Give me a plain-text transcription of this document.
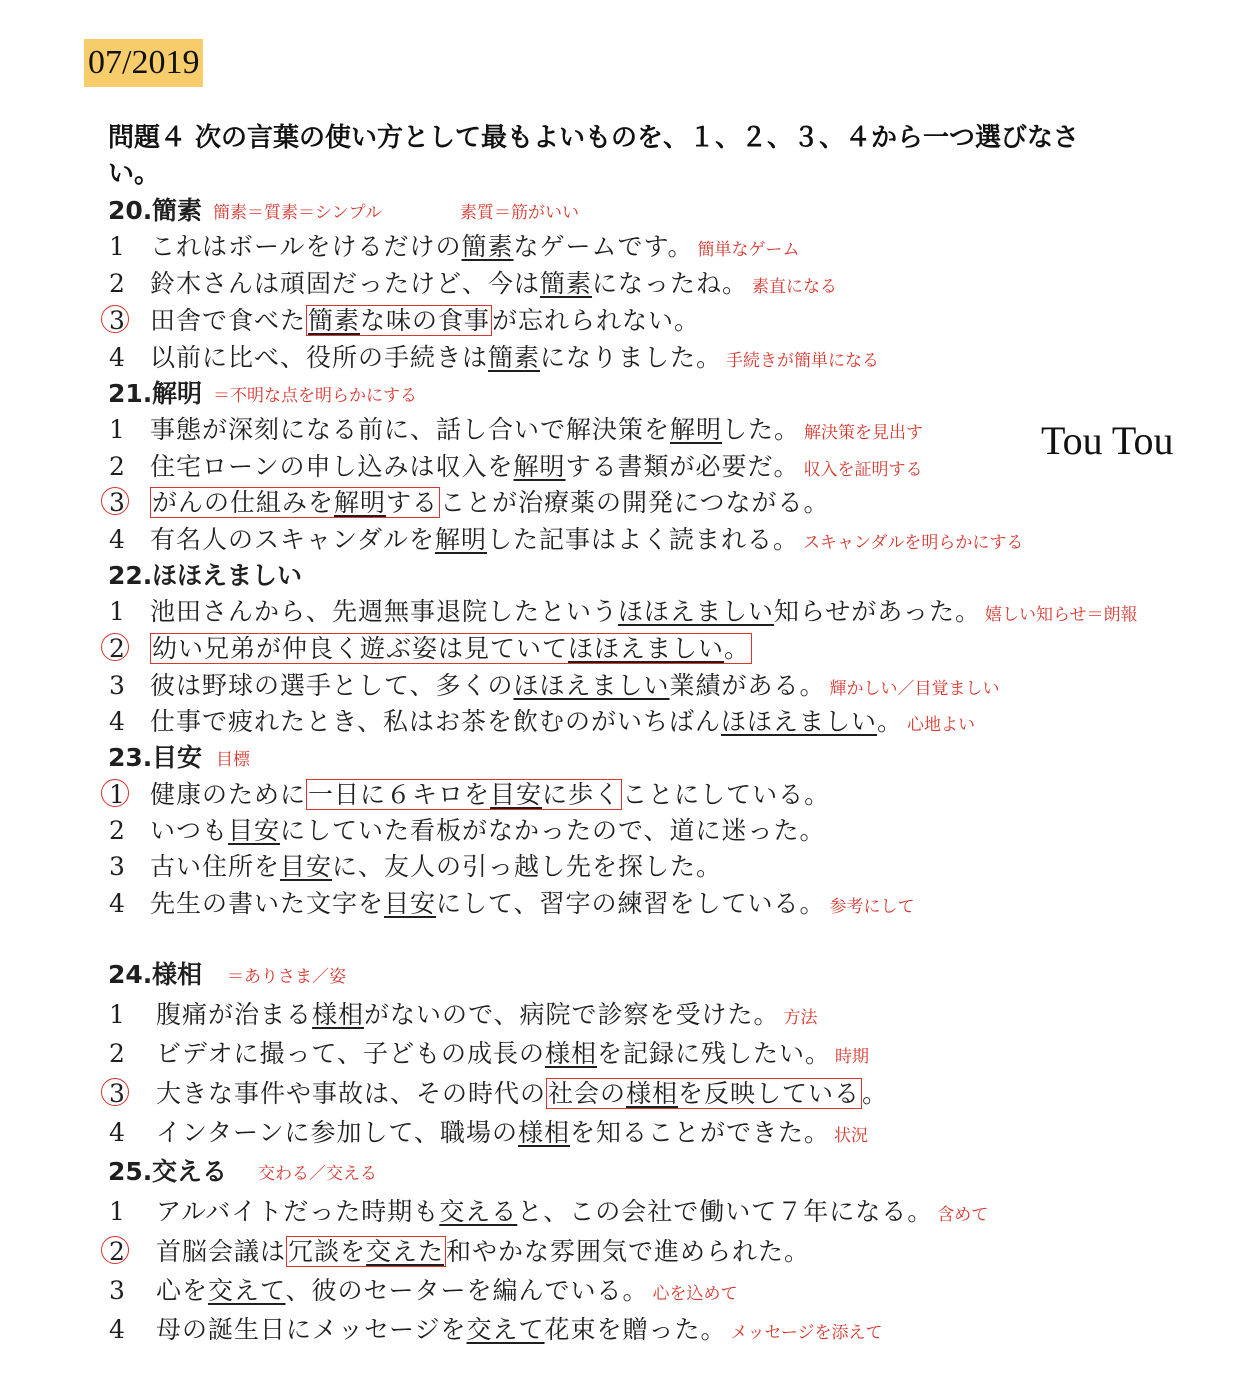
07/2019
問題４ 次の言葉の使い方として最もよいものを、１、２、３、４から一つ選びなさい。
Tou Tou
20. 簡素 簡素＝質素＝シンプル	素質＝筋がいい
1 これはボールをけるだけの簡素なゲームです。 簡単なゲーム
2 鈴木さんは頑固だったけど、今は簡素になったね。 素直になる
3 田舎で食べた簡素な味の食事が忘れられない。
4 以前に比べ、役所の手続きは簡素になりました。 手続きが簡単になる
21. 解明 ＝不明な点を明らかにする
1 事態が深刻になる前に、話し合いで解決策を解明した。 解決策を見出す
2 住宅ローンの申し込みは収入を解明する書類が必要だ。 収入を証明する
3 がんの仕組みを解明することが治療薬の開発につながる。
4 有名人のスキャンダルを解明した記事はよく読まれる。 スキャンダルを明らかにする
22. ほほえましい
1 池田さんから、先週無事退院したというほほえましい知らせがあった。 嬉しい知らせ＝朗報
2 幼い兄弟が仲良く遊ぶ姿は見ていてほほえましい。
3 彼は野球の選手として、多くのほほえましい業績がある。 輝かしい／目覚ましい
4 仕事で疲れたとき、私はお茶を飲むのがいちばんほほえましい。 心地よい
23. 目安 目標
1 健康のために一日に６キロを目安に歩くことにしている。
2 いつも目安にしていた看板がなかったので、道に迷った。
3 古い住所を目安に、友人の引っ越し先を探した。
4 先生の書いた文字を目安にして、習字の練習をしている。 参考にして
24. 様相 ＝ありさま／姿
1 腹痛が治まる様相がないので、病院で診察を受けた。 方法
2 ビデオに撮って、子どもの成長の様相を記録に残したい。 時期
3 大きな事件や事故は、その時代の社会の様相を反映している。
4 インターンに参加して、職場の様相を知ることができた。 状況
25. 交える 交わる／交える
1 アルバイトだった時期も交えると、この会社で働いて７年になる。 含めて
2 首脳会議は冗談を交えた和やかな雰囲気で進められた。
3 心を交えて、彼のセーターを編んでいる。 心を込めて
4 母の誕生日にメッセージを交えて花束を贈った。 メッセージを添えて
